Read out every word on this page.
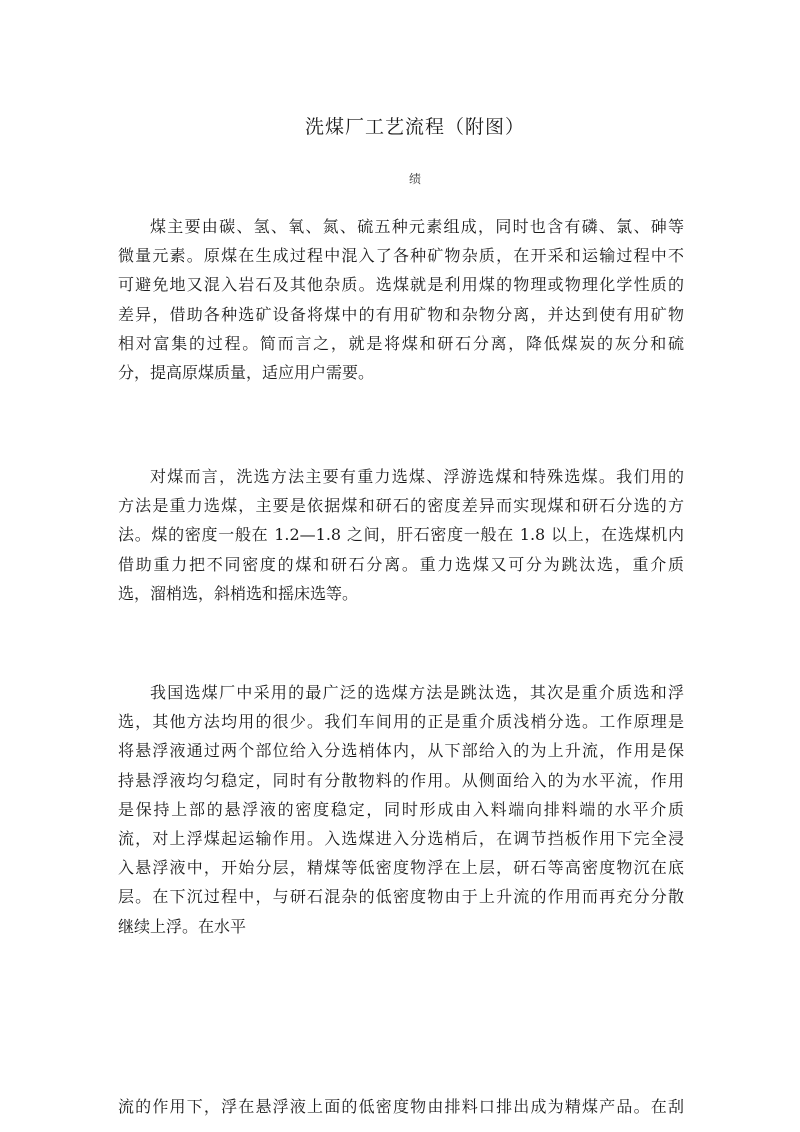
洗煤厂工艺流程（附图）
绩
煤主要由碳、氢、氧、氮、硫五种元素组成，同时也含有磷、氯、砷等
微量元素。原煤在生成过程中混入了各种矿物杂质，在开采和运输过程中不
可避免地又混入岩石及其他杂质。选煤就是利用煤的物理或物理化学性质的
差异，借助各种选矿设备将煤中的有用矿物和杂物分离，并达到使有用矿物
相对富集的过程。简而言之，就是将煤和研石分离，降低煤炭的灰分和硫
分，提高原煤质量，适应用户需要。
对煤而言，洗选方法主要有重力选煤、浮游选煤和特殊选煤。我们用的
方法是重力选煤，主要是依据煤和研石的密度差异而实现煤和研石分选的方
法。煤的密度一般在 1.2—1.8 之间，肝石密度一般在 1.8 以上，在选煤机内
借助重力把不同密度的煤和研石分离。重力选煤又可分为跳汰选，重介质
选，溜梢选，斜梢选和摇床选等。
我国选煤厂中采用的最广泛的选煤方法是跳汰选，其次是重介质选和浮
选，其他方法均用的很少。我们车间用的正是重介质浅梢分选。工作原理是
将悬浮液通过两个部位给入分选梢体内，从下部给入的为上升流，作用是保
持悬浮液均匀稳定，同时有分散物料的作用。从侧面给入的为水平流，作用
是保持上部的悬浮液的密度稳定，同时形成由入料端向排料端的水平介质
流，对上浮煤起运输作用。入选煤进入分选梢后，在调节挡板作用下完全浸
入悬浮液中，开始分层，精煤等低密度物浮在上层，研石等高密度物沉在底
层。在下沉过程中，与研石混杂的低密度物由于上升流的作用而再充分分散
继续上浮。在水平
流的作用下，浮在悬浮液上面的低密度物由排料口排出成为精煤产品。在刮
